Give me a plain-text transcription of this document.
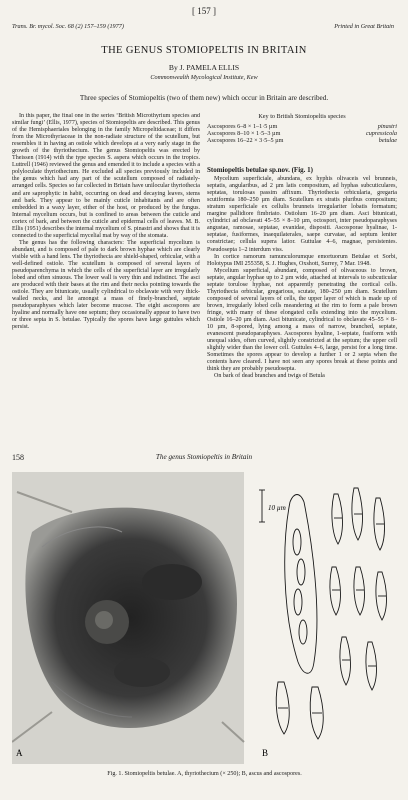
[ 157 ]
Trans. Br. mycol. Soc. 68 (2) 157–159 (1977)	Printed in Great Britain
THE GENUS STOMIOPELTIS IN BRITAIN
By J. PAMELA ELLIS
Commonwealth Mycological Institute, Kew
Three species of Stomiopeltis (two of them new) which occur in Britain are described.

In this paper, the final one in the series ‘British Microthyrium species and similar fungi’ (Ellis, 1977), species of Stomiopeltis are described. This genus of the Hemisphaeriales belonging in the family Micropeltidaceae; it differs from the Microthyriaceae in the non-radiate structure of the scutellum, but resembles it in having an ostiole which develops at a very early stage in the growth of the thyriothecium. The genus Stomiopeltis was erected by Theissen (1914) with the type species S. aspera which occurs in the tropics. Luttrell (1946) reviewed the genus and emended it to include a species with a polyloculate thyriothecium. He excluded all species previously included in the genus which had any part of the scutellum composed of radiately-arranged cells. Species so far collected in Britain have unilocular thyriothecia and are saprophytic in habit, occurring on dead and decaying leaves, stems and bark. They appear to be mainly cuticle inhabitants and are often embedded in a waxy layer, either of the host, or produced by the fungus. Internal mycelium occurs, but is confined to areas between the cuticle and cortex of bark, and between the cuticle and epidermal cells of leaves. M. B. Ellis (1951) describes the internal mycelium of S. pinastri and shows that it is connected to the superficial mycelial mat by way of the stomata.

The genus has the following characters: The superficial mycelium is abundant, and is composed of pale to dark brown hyphae which are clearly visible with a hand lens. The thyriothecia are shield-shaped, orbicular, with a well-defined ostiole. The scutellum is composed of several layers of pseudoparenchyma in which the cells of the superficial layer are irregularly lobed and often sinuous. The lower wall is very thin and indistinct. The asci are produced with their bases at the rim and their necks pointing towards the ostiole. They are bitunicate, usually cylindrical to obclavate with very thick-walled necks, and lie amongst a mass of finely-branched, septate pseudoparaphyses which later become mucose. The eight ascospores are hyaline and normally have one septum; they occasionally appear to have two or three septa in S. betulae. Typically the spores have large guttules which persist.

Key to British Stomiopeltis species
Ascospores 6–8 × 1–1·5 µm	pinastri
Ascospores 8–10 × 1·5–3 µm	cupressicola
Ascospores 16–22 × 3·5–5 µm	betulae
Stomiopeltis betulae sp.nov. (Fig. 1)

Mycelium superficiale, abundans, ex hyphis olivaceis vel brunneis, septatis, angularibus, ad 2 µm latis compositum, ad hyphas subcuticulares, septatas, torulosas passim affixum. Thyriothecia orbicularia, gregaria scutiformia 180–250 µm diam. Scutellum ex stratis pluribus compositum; stratum superficiale ex cellulis brunneis irregulariter lobatis formatum; margine pallidiore fimbriato. Ostiolum 16–20 µm diam. Asci bitunicati, cylindrici ad obclavati 45–55 × 8–10 µm, octospori, inter pseudoparaphyses angustae, ramosae, septatae, evanidae, dispositi. Ascosporae hyalinae, 1-septatae, fusiformes, inaequilaterales, saepe curvatae, ad septum leniter constrictae; cellula supera latior. Guttulae 4–6, magnae, persistentes. Pseudosepta 1–2 interdum viss.

In cortice ramorum ramunculorumque emortuorum Betulae et Sorbi, Holotypus IMI 255358, S. J. Hughes, Oxshott, Surrey, 7 Mar. 1948.

Mycelium superficial, abundant, composed of olivaceous to brown, septate, angular hyphae up to 2 µm wide, attached at intervals to subcuticular septate torulose hyphae, not apparently penetrating the cortical cells. Thyriothecia orbicular, gregarious, scutate, 180–250 µm diam. Scutellum composed of several layers of cells, the upper layer of which is made up of brown, irregularly lobed cells meandering at the rim to form a pale brown fringe, with many of these elongated cells extending into the mycelium. Ostiole 16–20 µm diam. Asci bitunicate, cylindrical to obclavate 45–55 × 8–10 µm, 8-spored, lying among a mass of narrow, branched, septate, evanescent pseudoparaphyses. Ascospores hyaline, 1-septate, fusiform with unequal sides, often curved, slightly constricted at the septum; the upper cell slightly wider than the lower cell. Guttules 4–6, large, persist for a long time. Sometimes the spores appear to develop a further 1 or 2 septa when the contents have cleared. I have not seen any spores break at these points and think they are probably pseudosepta.

On bark of dead branches and twigs of Betula

158	The genus Stomiopeltis in Britain
A
10 µm
B
Fig. 1. Stomiopeltis betulae. A, thyriothecium (× 250); B, ascus and ascospores.
